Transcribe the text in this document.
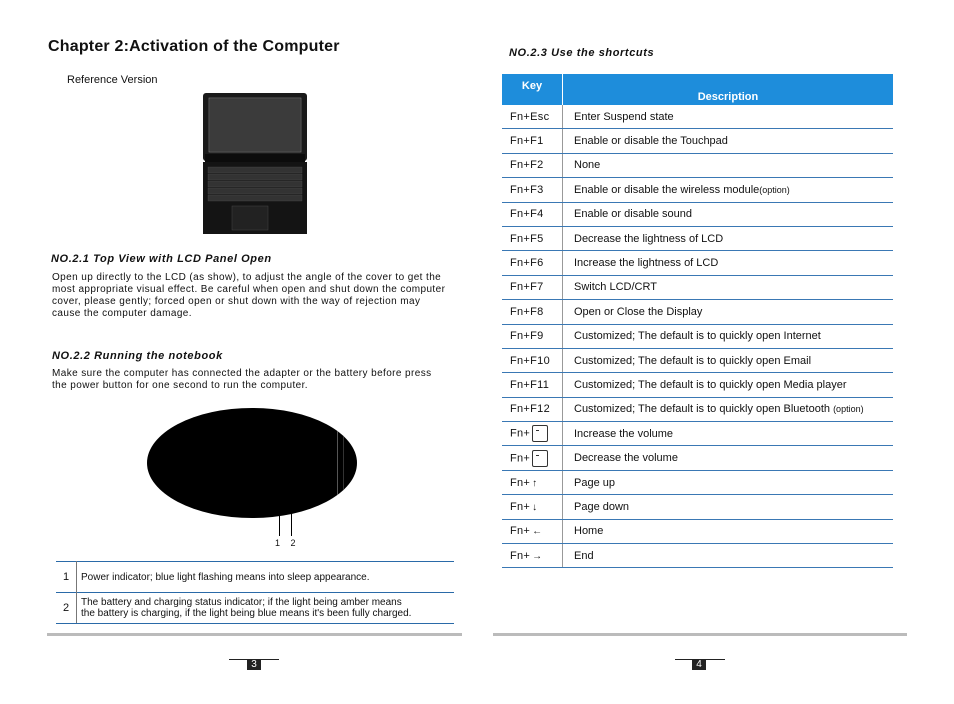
Chapter 2:Activation of the Computer
Reference Version
NO.2.1 Top View with LCD Panel Open
Open up directly to the LCD (as show), to adjust the angle of the cover to get the
most appropriate visual effect. Be careful when open and shut down the computer
cover, please gently; forced open or shut down with the way of rejection may
cause the computer damage.
NO.2.2 Running the notebook
Make sure the computer has connected the adapter or the battery before press
the power button for one second to run the computer.
1 2
1	Power indicator; blue light flashing means into sleep appearance.
2	The battery and charging status indicator; if the light being amber means
the battery is charging, if the light being blue means it's been fully charged.
3
NO.2.3 Use the shortcuts
Key	Description
Fn+Esc	Enter Suspend state
Fn+F1	Enable or disable the Touchpad
Fn+F2	None
Fn+F3	Enable or disable the wireless module(option)
Fn+F4	Enable or disable sound
Fn+F5	Decrease the lightness of LCD
Fn+F6	Increase the lightness of LCD
Fn+F7	Switch LCD/CRT
Fn+F8	Open or Close the Display
Fn+F9	Customized; The default is to quickly open Internet
Fn+F10	Customized; The default is to quickly open Email
Fn+F11	Customized; The default is to quickly open Media player
Fn+F12	Customized; The default is to quickly open Bluetooth (option)
Fn+	Increase the volume
Fn+	Decrease the volume
Fn+ ↑	Page up
Fn+ ↓	Page down
Fn+ ←	Home
Fn+ →	End
4
